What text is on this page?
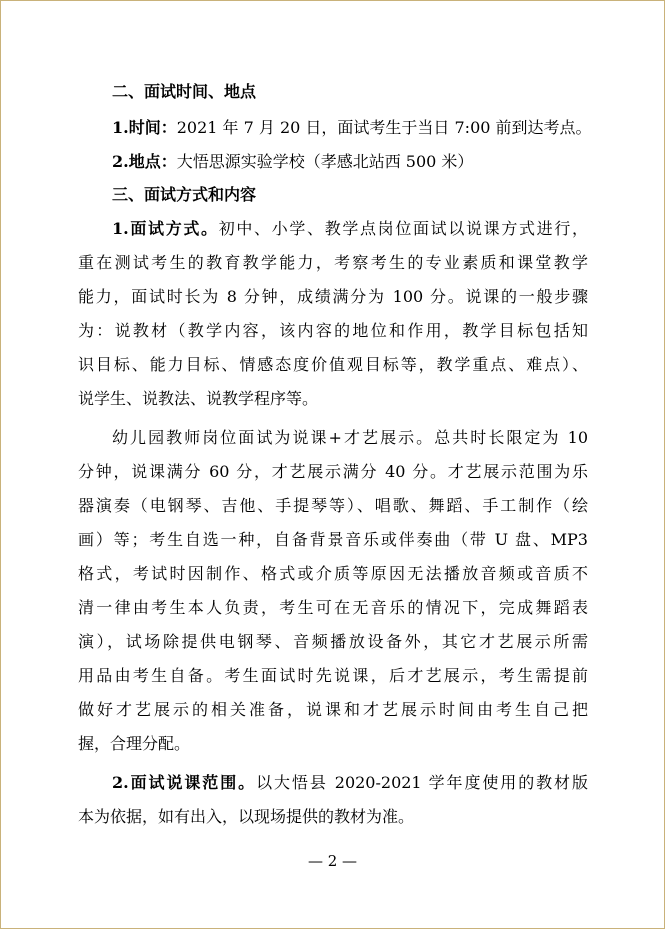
二、面试时间、地点
1.时间：2021 年 7 月 20 日，面试考生于当日 7:00 前到达考点。
2.地点：大悟思源实验学校（孝感北站西 500 米）
三、面试方式和内容
1.面试方式。初中、小学、教学点岗位面试以说课方式进行，
重在测试考生的教育教学能力，考察考生的专业素质和课堂教学
能力，面试时长为 8 分钟，成绩满分为 100 分。说课的一般步骤
为：说教材（教学内容，该内容的地位和作用，教学目标包括知
识目标、能力目标、情感态度价值观目标等，教学重点、难点）、
说学生、说教法、说教学程序等。
幼儿园教师岗位面试为说课+才艺展示。总共时长限定为 10
分钟，说课满分 60 分，才艺展示满分 40 分。才艺展示范围为乐
器演奏（电钢琴、吉他、手提琴等）、唱歌、舞蹈、手工制作（绘
画）等；考生自选一种，自备背景音乐或伴奏曲（带 U 盘、MP3
格式，考试时因制作、格式或介质等原因无法播放音频或音质不
清一律由考生本人负责，考生可在无音乐的情况下，完成舞蹈表
演），试场除提供电钢琴、音频播放设备外，其它才艺展示所需
用品由考生自备。考生面试时先说课，后才艺展示，考生需提前
做好才艺展示的相关准备，说课和才艺展示时间由考生自己把
握，合理分配。
2.面试说课范围。以大悟县 2020-2021 学年度使用的教材版
本为依据，如有出入，以现场提供的教材为准。
— 2 —
